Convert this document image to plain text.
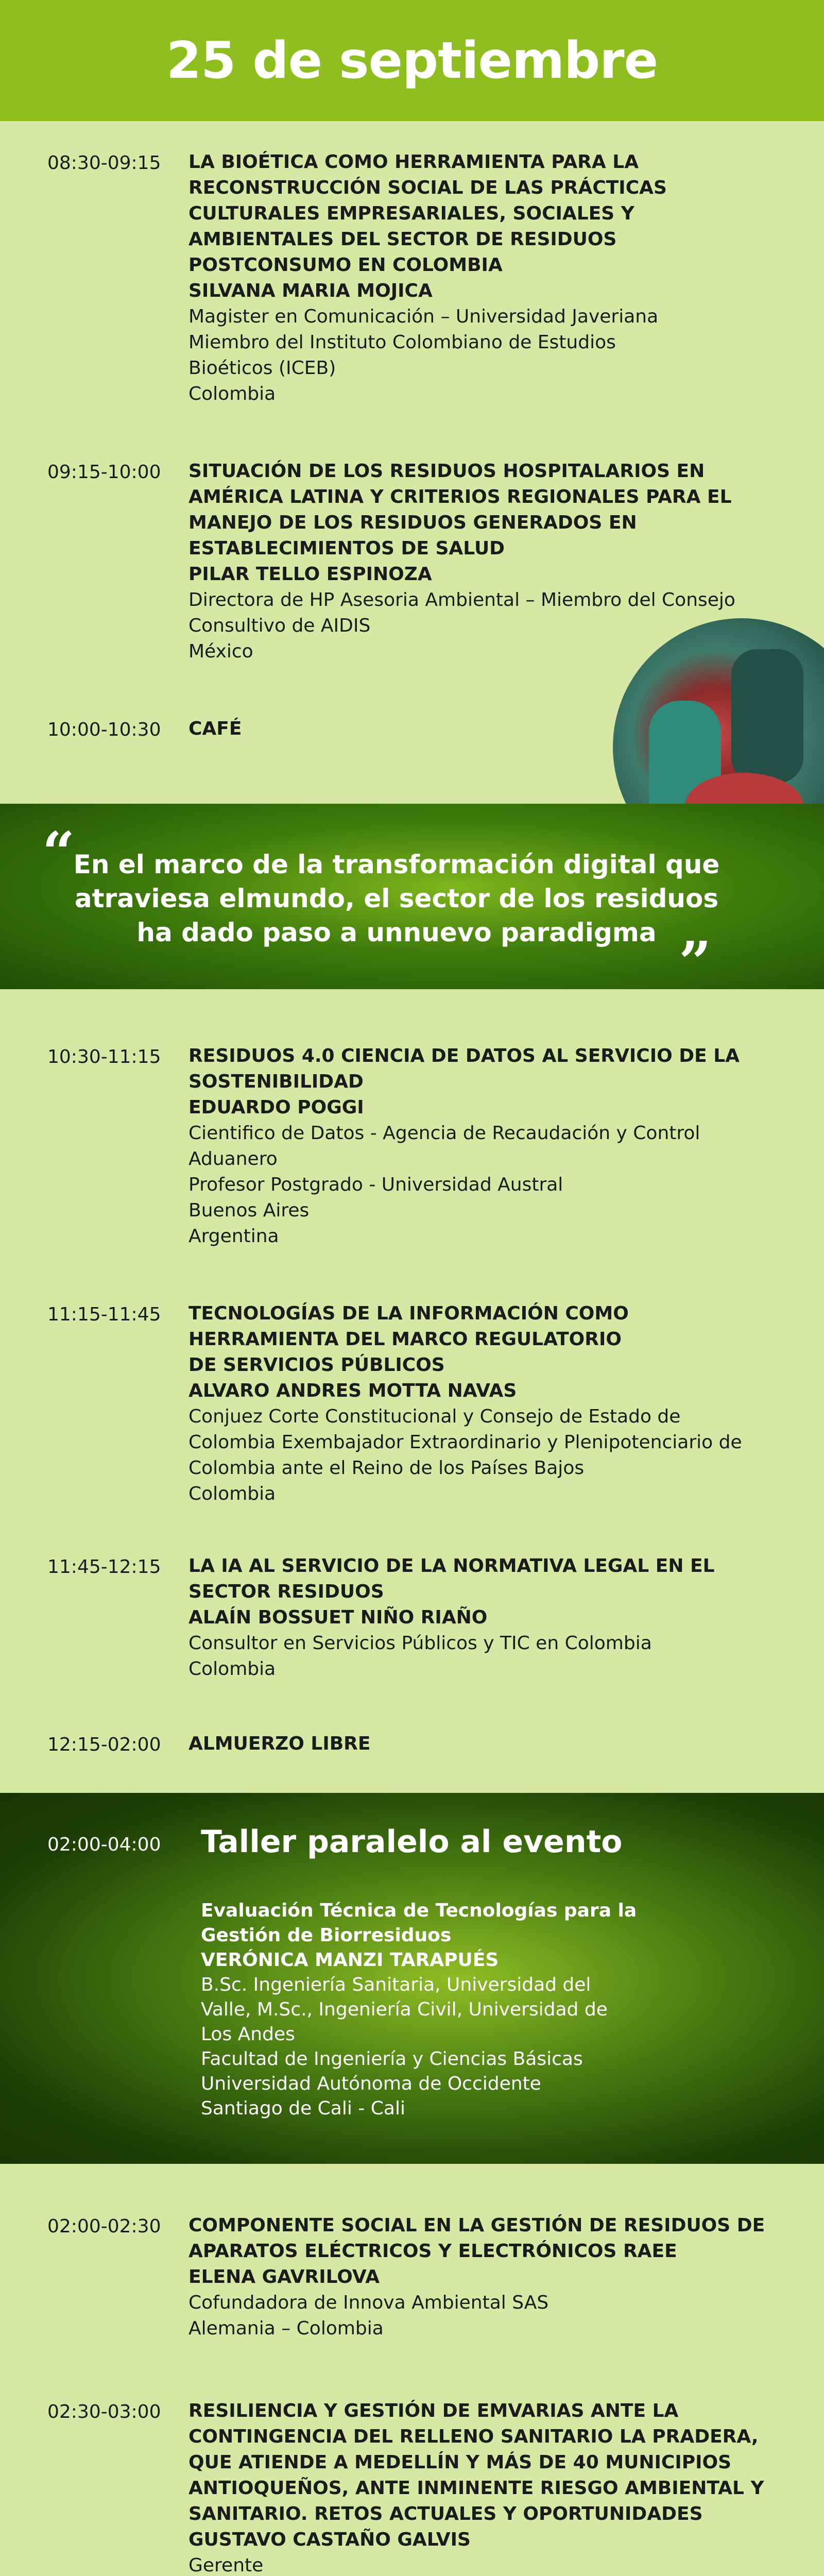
25 de septiembre
08:30-09:15	LA BIOÉTICA COMO HERRAMIENTA PARA LA RECONSTRUCCIÓN SOCIAL DE LAS PRÁCTICAS CULTURALES EMPRESARIALES, SOCIALES Y AMBIENTALES DEL SECTOR DE RESIDUOS POSTCONSUMO EN COLOMBIA
SILVANA MARIA MOJICA
Magister en Comunicación – Universidad Javeriana
Miembro del Instituto Colombiano de Estudios Bioéticos (ICEB)
Colombia
09:15-10:00	SITUACIÓN DE LOS RESIDUOS HOSPITALARIOS EN AMÉRICA LATINA Y CRITERIOS REGIONALES PARA EL MANEJO DE LOS RESIDUOS GENERADOS EN ESTABLECIMIENTOS DE SALUD
PILAR TELLO ESPINOZA
Directora de HP Asesoria Ambiental – Miembro del Consejo Consultivo de AIDIS
México
10:00-10:30	CAFÉ
“
En el marco de la transformación digital que
atraviesa elmundo, el sector de los residuos
ha dado paso a unnuevo paradigma „
10:30-11:15	RESIDUOS 4.0 CIENCIA DE DATOS AL SERVICIO DE LA SOSTENIBILIDAD
EDUARDO POGGI
Cientifico de Datos - Agencia de Recaudación y Control Aduanero
Profesor Postgrado - Universidad Austral
Buenos Aires
Argentina
11:15-11:45	TECNOLOGÍAS DE LA INFORMACIÓN COMO HERRAMIENTA DEL MARCO REGULATORIO DE SERVICIOS PÚBLICOS
ALVARO ANDRES MOTTA NAVAS
Conjuez Corte Constitucional y Consejo de Estado de Colombia Exembajador Extraordinario y Plenipotenciario de Colombia ante el Reino de los Países Bajos
Colombia
11:45-12:15	LA IA AL SERVICIO DE LA NORMATIVA LEGAL EN EL SECTOR RESIDUOS
ALAÍN BOSSUET NIÑO RIAÑO
Consultor en Servicios Públicos y TIC en Colombia
Colombia
12:15-02:00	ALMUERZO LIBRE
02:00-04:00 Taller paralelo al evento
Evaluación Técnica de Tecnologías para la Gestión de Biorresiduos
VERÓNICA MANZI TARAPUÉS
B.Sc. Ingeniería Sanitaria, Universidad del Valle, M.Sc., Ingeniería Civil, Universidad de Los Andes
Facultad de Ingeniería y Ciencias Básicas
Universidad Autónoma de Occidente
Santiago de Cali - Cali
02:00-02:30	COMPONENTE SOCIAL EN LA GESTIÓN DE RESIDUOS DE APARATOS ELÉCTRICOS Y ELECTRÓNICOS RAEE
ELENA GAVRILOVA
Cofundadora de Innova Ambiental SAS
Alemania – Colombia
02:30-03:00	RESILIENCIA Y GESTIÓN DE EMVARIAS ANTE LA CONTINGENCIA DEL RELLENO SANITARIO LA PRADERA, QUE ATIENDE A MEDELLÍN Y MÁS DE 40 MUNICIPIOS ANTIOQUEÑOS, ANTE INMINENTE RIESGO AMBIENTAL Y SANITARIO. RETOS ACTUALES Y OPORTUNIDADES
GUSTAVO CASTAÑO GALVIS
Gerente
